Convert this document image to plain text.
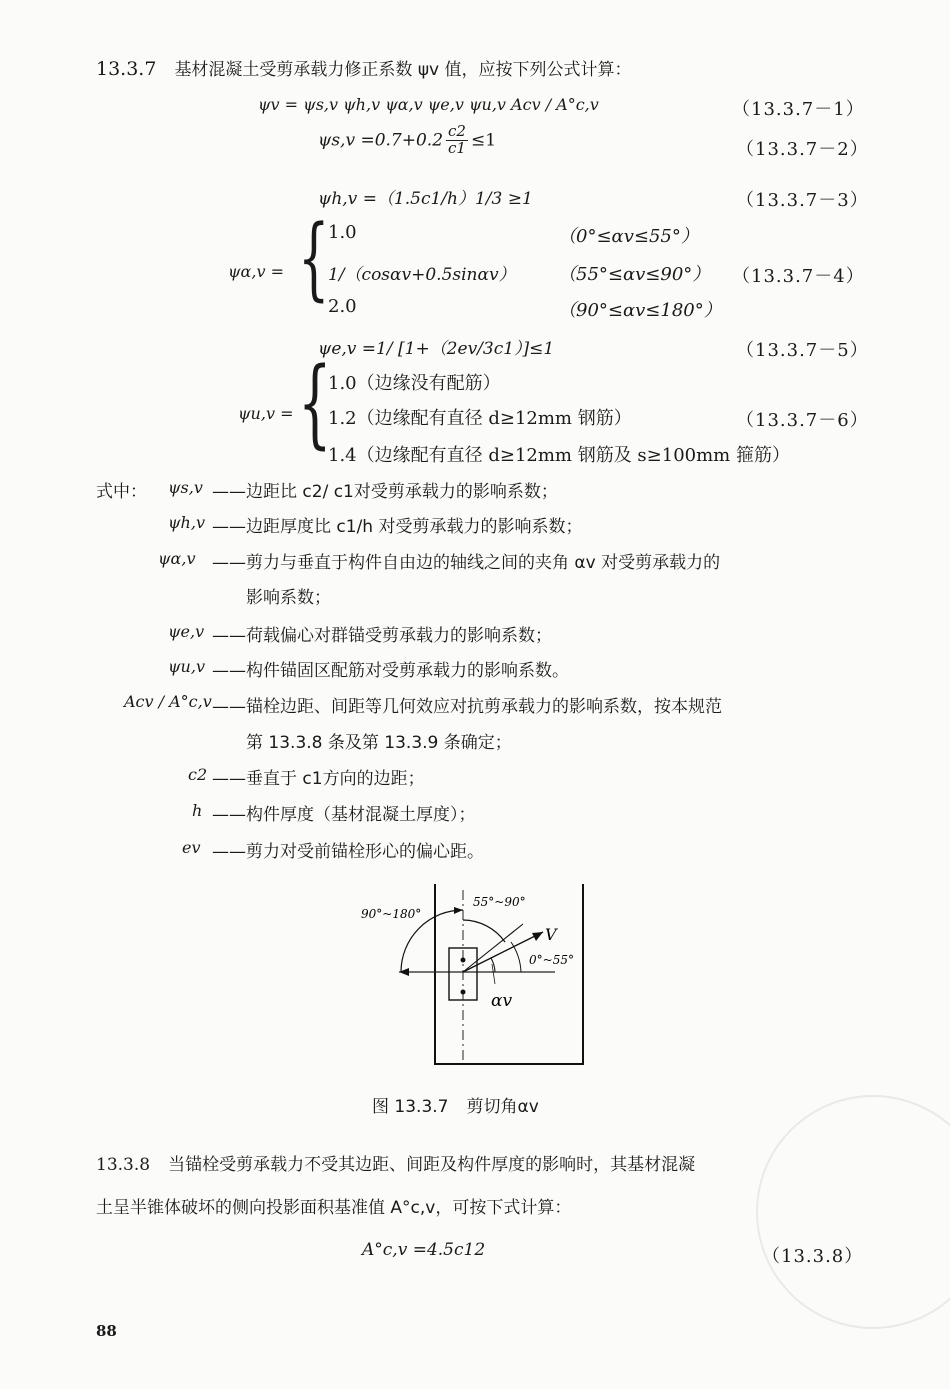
13.3.7 基材混凝土受剪承载力修正系数 ψv 值，应按下列公式计算：
ψv = ψs,v ψh,v ψα,v ψe,v ψu,v Acv / A°c,v	（13.3.7－1）
$\psi s,v =0.7+0.2 \frac{c2}{c1} \le 1$	（13.3.7－2）
ψh,v =（1.5c1/h）1/3 ≥1	（13.3.7－3）
ψα,v = {
1.0	（0°≤αv≤55°）
1/（cosαv+0.5sinαv） （55°≤αv≤90°） （13.3.7－4）
2.0	（90°≤αv≤180°）
ψe,v =1/ [1+（2ev/3c1）]≤1	（13.3.7－5）
ψu,v = {
1.0（边缘没有配筋）
1.2（边缘配有直径 d≥12mm 钢筋）	（13.3.7－6）
1.4（边缘配有直径 d≥12mm 钢筋及 s≥100mm 箍筋）
式中： ψs,v ——边距比 c2/ c1对受剪承载力的影响系数；
ψh,v ——边距厚度比 c1/h 对受剪承载力的影响系数；
ψα,v ——剪力与垂直于构件自由边的轴线之间的夹角 αv 对受剪承载力的
影响系数；
ψe,v ——荷载偏心对群锚受剪承载力的影响系数；
ψu,v ——构件锚固区配筋对受剪承载力的影响系数。
Acv / A°c,v ——锚栓边距、间距等几何效应对抗剪承载力的影响系数，按本规范
第 13.3.8 条及第 13.3.9 条确定；
c2 ——垂直于 c1方向的边距；
h ——构件厚度（基材混凝土厚度）；
ev ——剪力对受前锚栓形心的偏心距。
90°~180°
55°~90°
V
0°~55°
αv
图 13.3.7 剪切角αv
13.3.8 当锚栓受剪承载力不受其边距、间距及构件厚度的影响时，其基材混凝
土呈半锥体破坏的侧向投影面积基准值 A°c,v，可按下式计算：
A°c,v =4.5c12	（13.3.8）
88
